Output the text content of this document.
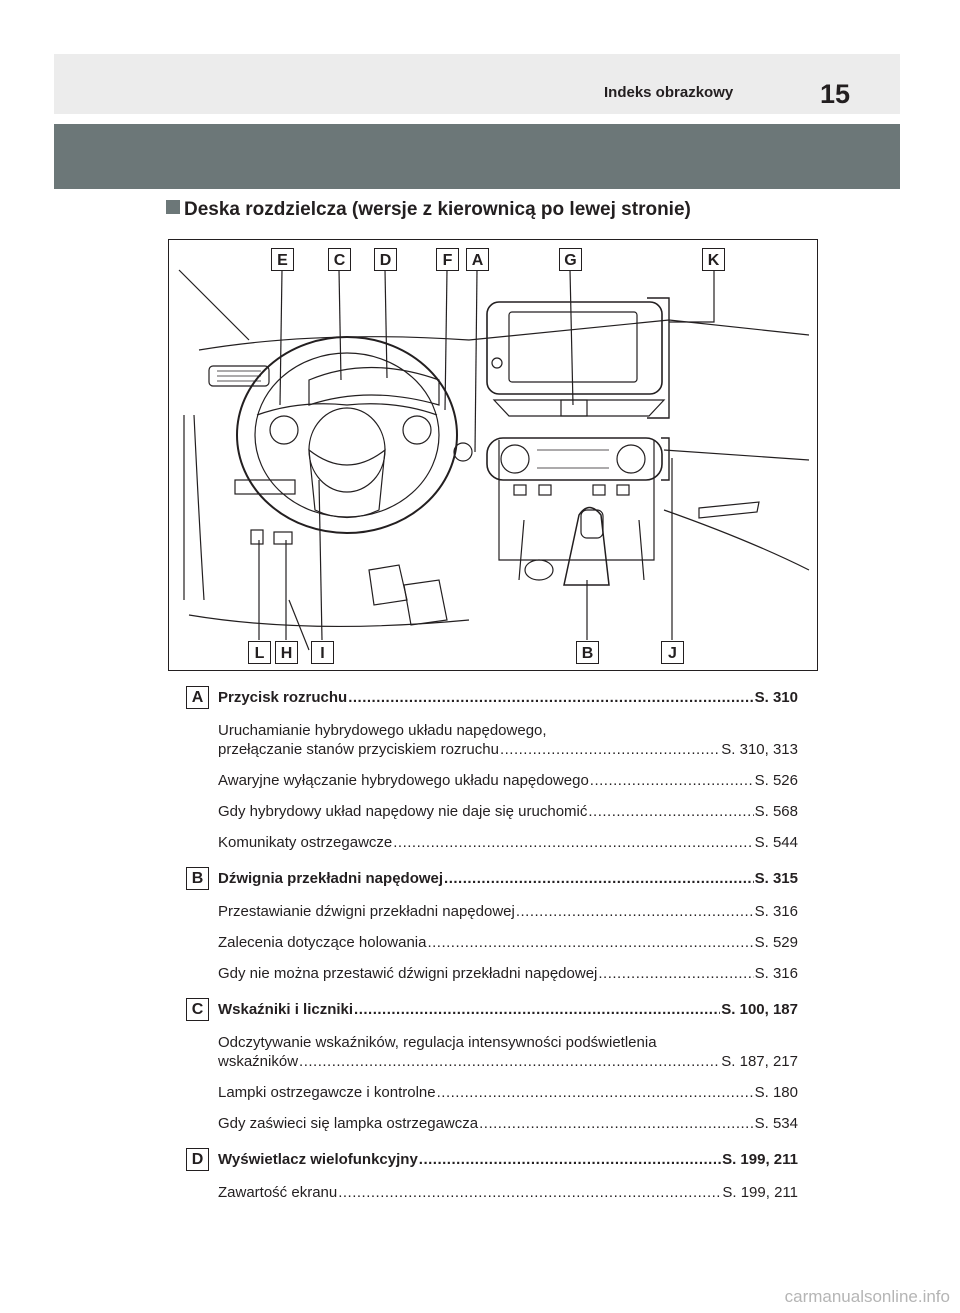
Indeks obrazkowy	15
Deska rozdzielcza (wersje z kierownicą po lewej stronie)
E	C	D	F	A	G	K
L	H	I	B	J
A Przycisk rozruchu .....	S. 310
Uruchamianie hybrydowego układu napędowego,
przełączanie stanów przyciskiem rozruchu .....	S. 310, 313
Awaryjne wyłączanie hybrydowego układu napędowego .....	S. 526
Gdy hybrydowy układ napędowy nie daje się uruchomić .....	S. 568
Komunikaty ostrzegawcze .....	S. 544
B Dźwignia przekładni napędowej .....	S. 315
Przestawianie dźwigni przekładni napędowej .....	S. 316
Zalecenia dotyczące holowania .....	S. 529
Gdy nie można przestawić dźwigni przekładni napędowej .....	S. 316
C Wskaźniki i liczniki .....	S. 100, 187
Odczytywanie wskaźników, regulacja intensywności podświetlenia
wskaźników .....	S. 187, 217
Lampki ostrzegawcze i kontrolne .....	S. 180
Gdy zaświeci się lampka ostrzegawcza .....	S. 534
D Wyświetlacz wielofunkcyjny .....	S. 199, 211
Zawartość ekranu .....	S. 199, 211
carmanualsonline.info
